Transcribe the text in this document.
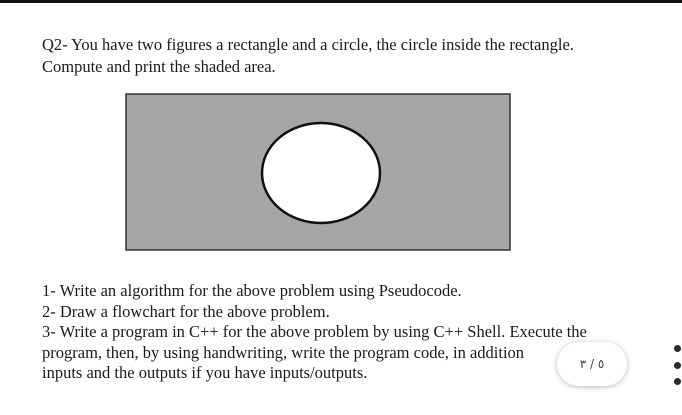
Q2- You have two figures a rectangle and a circle, the circle inside the rectangle.
Compute and print the shaded area.
1- Write an algorithm for the above problem using Pseudocode.
2- Draw a flowchart for the above problem.
3- Write a program in C++ for the above problem by using C++ Shell. Execute the
program, then, by using handwriting, write the program code, in addition
inputs and the outputs if you have inputs/outputs.	٥ / ٣
